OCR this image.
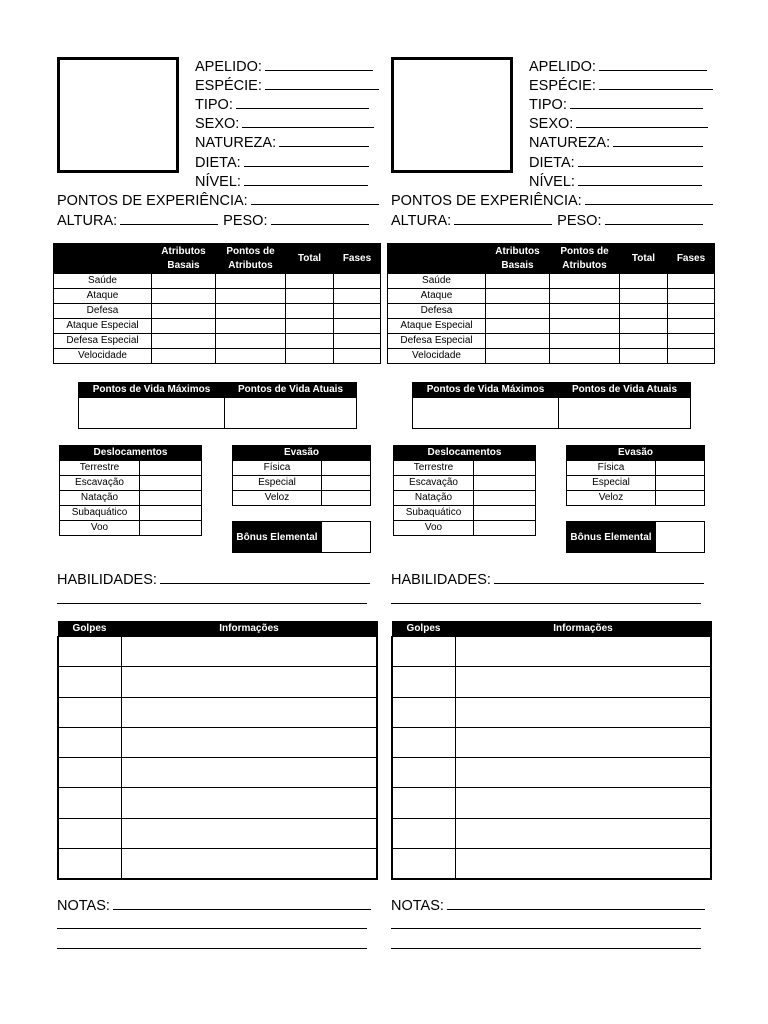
APELIDO:
ESPÉCIE:
TIPO:
SEXO:
NATUREZA:
DIETA:
NÍVEL:
PONTOS DE EXPERIÊNCIA:
ALTURA:	PESO:
	Atributos Basais	Pontos de Atributos	Total	Fases
Saúde				
Ataque				
Defesa				
Ataque Especial				
Defesa Especial				
Velocidade				
Pontos de Vida Máximos	Pontos de Vida Atuais

Deslocamentos	
Terrestre	
Escavação	
Natação	
Subaquático	
Voo	
Evasão	
Física	
Especial	
Veloz	
Bônus Elemental	
HABILIDADES:
Golpes	Informações

NOTAS:
APELIDO:
ESPÉCIE:
TIPO:
SEXO:
NATUREZA:
DIETA:
NÍVEL:
PONTOS DE EXPERIÊNCIA:
ALTURA:	PESO:
	Atributos Basais	Pontos de Atributos	Total	Fases
Saúde				
Ataque				
Defesa				
Ataque Especial				
Defesa Especial				
Velocidade				
Pontos de Vida Máximos	Pontos de Vida Atuais

Deslocamentos	
Terrestre	
Escavação	
Natação	
Subaquático	
Voo	
Evasão	
Física	
Especial	
Veloz	
Bônus Elemental	
HABILIDADES:
Golpes	Informações

NOTAS:
